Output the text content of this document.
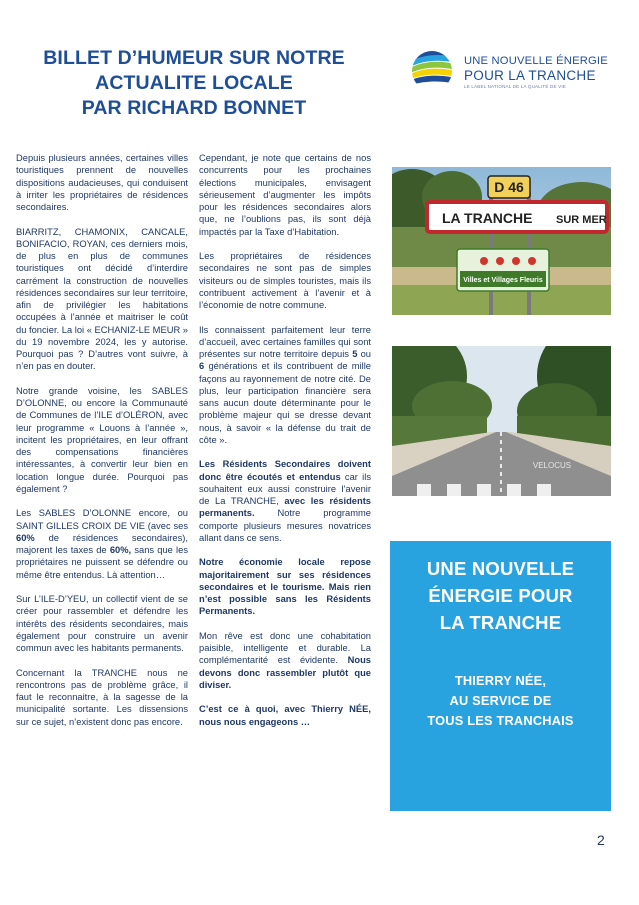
BILLET D’HUMEUR SUR NOTRE
ACTUALITE LOCALE
PAR RICHARD BONNET
UNE NOUVELLE ÉNERGIE
POUR LA TRANCHE
LE LABEL NATIONAL DE LA QUALITÉ DE VIE

Depuis plusieurs années, certaines villes touristiques prennent de nouvelles dispositions audacieuses, qui conduisent à irriter les propriétaires de résidences secondaires.

BIARRITZ, CHAMONIX, CANCALE, BONIFACIO, ROYAN, ces derniers mois, de plus en plus de communes touristiques ont décidé d’interdire carrément la construction de nouvelles résidences secondaires sur leur territoire, afin de privilégier les habitations occupées à l’année et maitriser le coût du foncier. La loi « ECHANIZ-LE MEUR » du 19 novembre 2024, les y autorise. Pourquoi pas ? D’autres vont suivre, à n’en pas en douter.

Notre grande voisine, les SABLES D’OLONNE, ou encore la Communauté de Communes de l’ILE d’OLÉRON, avec leur programme « Louons à l’année », incitent les propriétaires, en leur offrant des compensations financières intéressantes, à convertir leur bien en location longue durée. Pourquoi pas également ?

Les SABLES D’OLONNE encore, ou SAINT GILLES CROIX DE VIE (avec ses 60% de résidences secondaires), majorent les taxes de 60%, sans que les propriétaires ne puissent se défendre ou même être entendus. Là attention…

Sur L’ILE-D’YEU, un collectif vient de se créer pour rassembler et défendre les intérêts des résidents secondaires, mais également pour construire un avenir commun avec les habitants permanents.

Concernant la TRANCHE nous ne rencontrons pas de problème grâce, il faut le reconnaitre, à la sagesse de la municipalité sortante. Les dissensions sur ce sujet, n’existent donc pas encore.

Cependant, je note que certains de nos concurrents pour les prochaines élections municipales, envisagent sérieusement d’augmenter les impôts pour les résidences secondaires alors que, ne l’oublions pas, ils sont déjà impactés par la Taxe d’Habitation.

Les propriétaires de résidences secondaires ne sont pas de simples visiteurs ou de simples touristes, mais ils contribuent activement à l’avenir et à l’économie de notre commune.

Ils connaissent parfaitement leur terre d’accueil, avec certaines familles qui sont présentes sur notre territoire depuis 5 ou 6 générations et ils contribuent de mille façons au rayonnement de notre cité. De plus, leur participation financière sera sans aucun doute déterminante pour le problème majeur qui se dresse devant nous, à savoir « la défense du trait de côte ».

Les Résidents Secondaires doivent donc être écoutés et entendus car ils souhaitent eux aussi construire l’avenir de La TRANCHE, avec les résidents permanents. Notre programme comporte plusieurs mesures novatrices allant dans ce sens.

Notre économie locale repose majoritairement sur ses résidences secondaires et le tourisme. Mais rien n’est possible sans les Résidents Permanents.

Mon rêve est donc une cohabitation paisible, intelligente et durable. La complémentarité est évidente. Nous devons donc rassembler plutôt que diviser.

C’est ce à quoi, avec Thierry NÉE, nous nous engageons …

D 46
LA TRANCHE SUR MER
Villes et Villages Fleuris
VELOCUS
UNE NOUVELLE
ÉNERGIE POUR
LA TRANCHE
THIERRY NÉE,
AU SERVICE DE
TOUS LES TRANCHAIS
2
